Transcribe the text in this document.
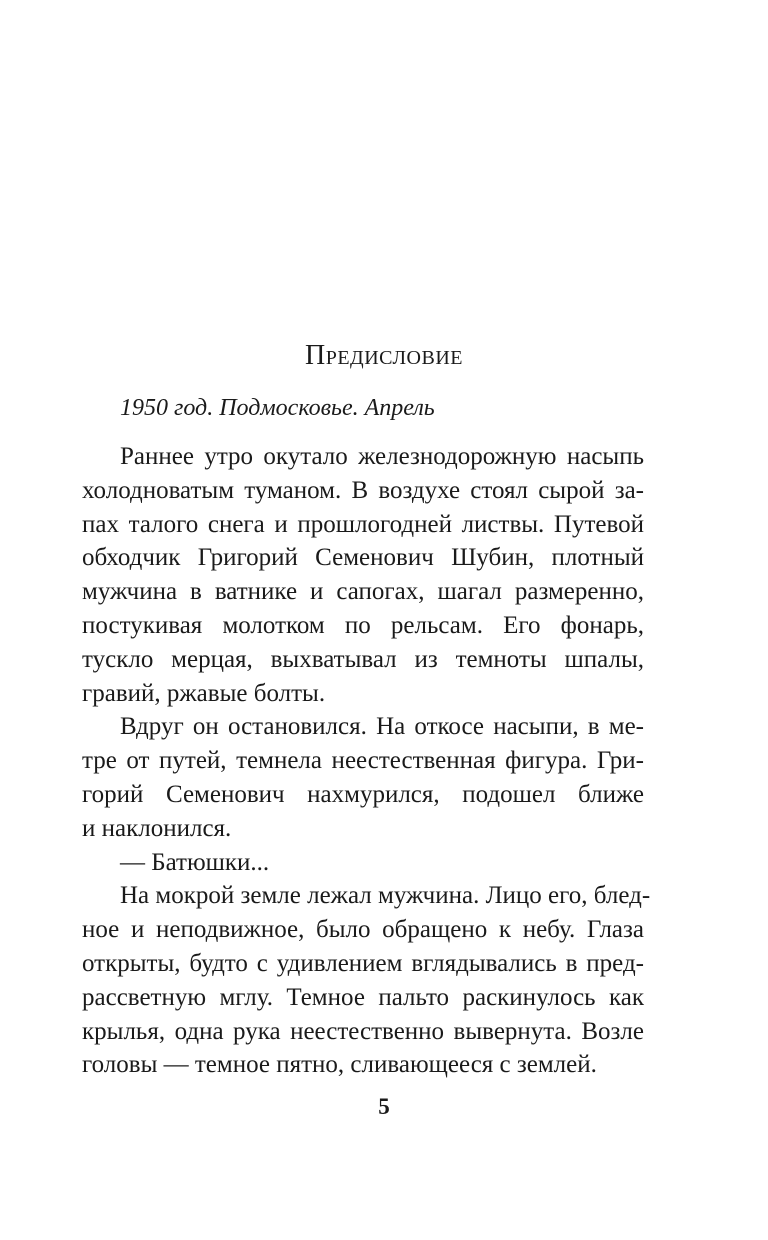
Предисловие
1950 год. Подмосковье. Апрель
Раннее утро окутало железнодорожную насыпь
холодноватым туманом. В воздухе стоял сырой за-
пах талого снега и прошлогодней листвы. Путевой
обходчик Григорий Семенович Шубин, плотный
мужчина в ватнике и сапогах, шагал размеренно,
постукивая молотком по рельсам. Его фонарь,
тускло мерцая, выхватывал из темноты шпалы,
гравий, ржавые болты.
Вдруг он остановился. На откосе насыпи, в ме-
тре от путей, темнела неестественная фигура. Гри-
горий Семенович нахмурился, подошел ближе
и наклонился.
— Батюшки...
На мокрой земле лежал мужчина. Лицо его, блед-
ное и неподвижное, было обращено к небу. Глаза
открыты, будто с удивлением вглядывались в пред-
рассветную мглу. Темное пальто раскинулось как
крылья, одна рука неестественно вывернута. Возле
головы — темное пятно, сливающееся с землей.
5
